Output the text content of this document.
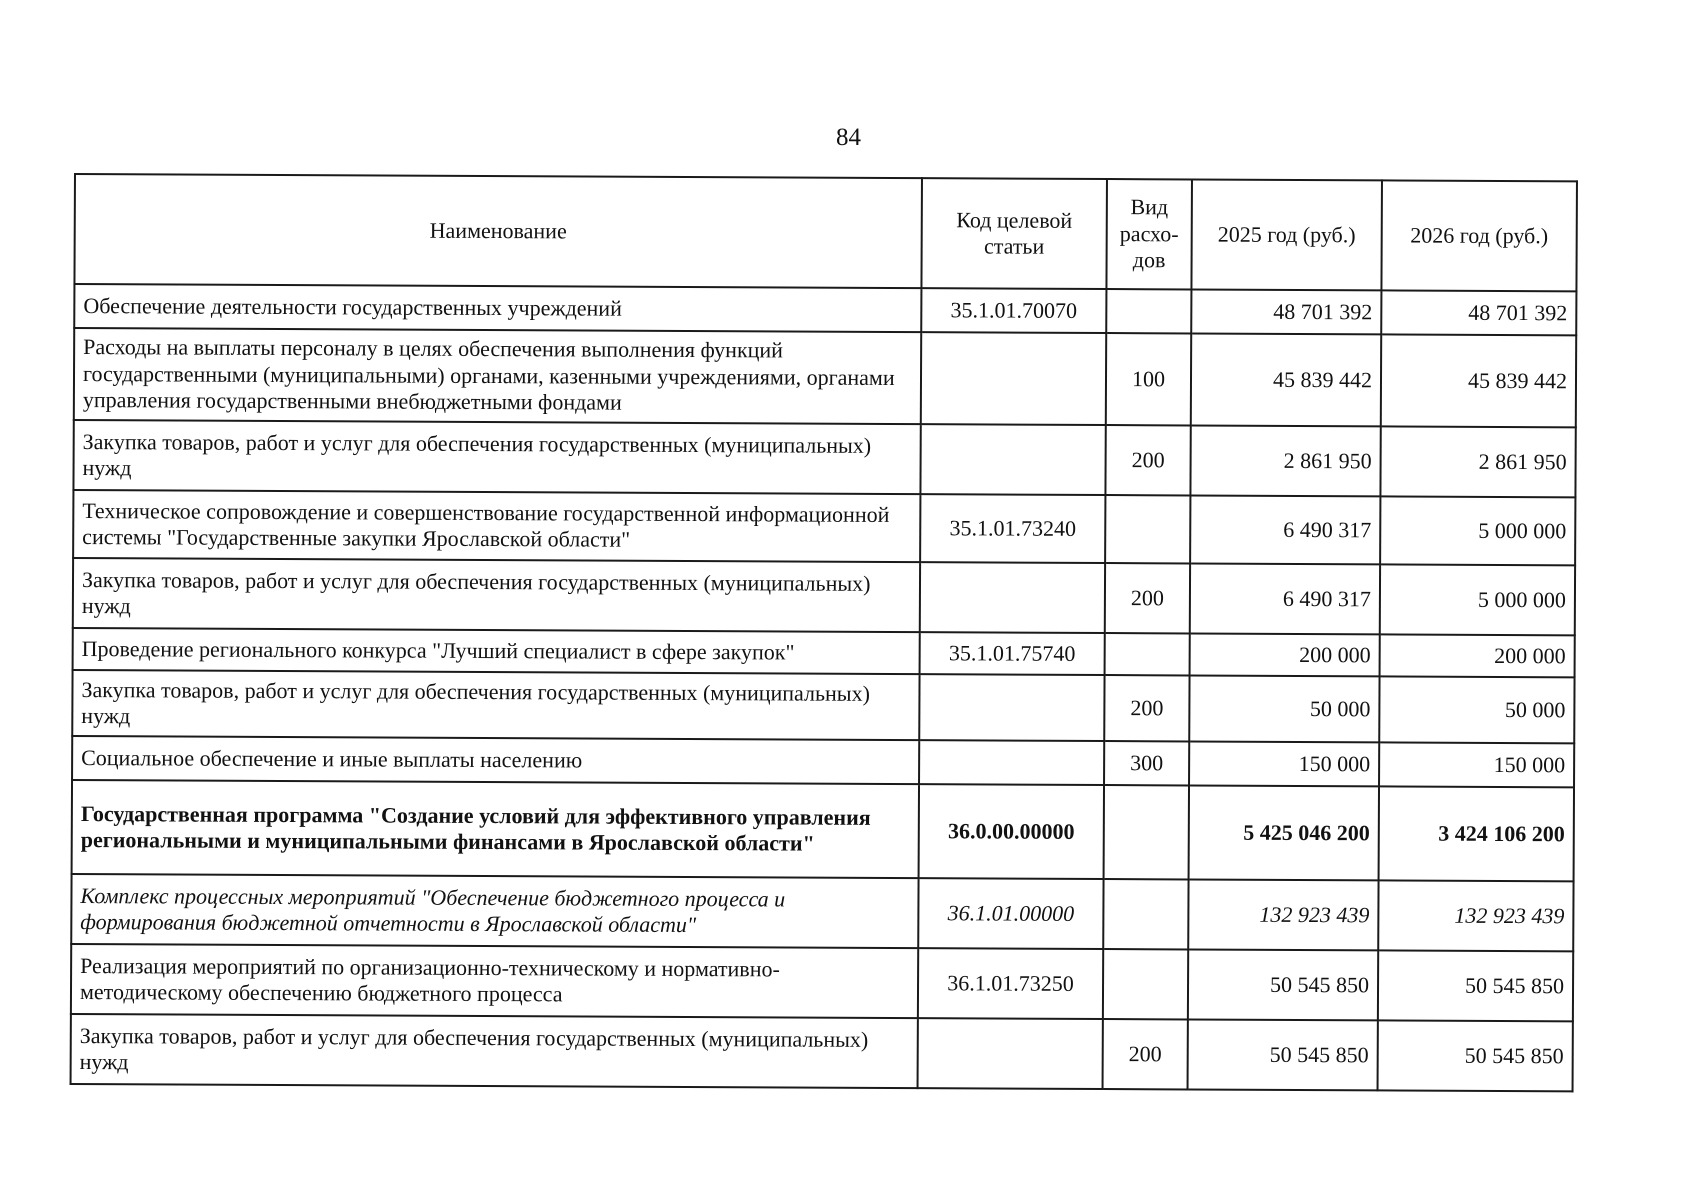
84
Наименование	Код целевой статьи	Вид расхо-дов	2025 год (руб.)	2026 год (руб.)
Обеспечение деятельности государственных учреждений	35.1.01.70070		48 701 392	48 701 392
Расходы на выплаты персоналу в целях обеспечения выполнения функций государственными (муниципальными) органами, казенными учреждениями, органами управления государственными внебюджетными фондами		100	45 839 442	45 839 442
Закупка товаров, работ и услуг для обеспечения государственных (муниципальных) нужд		200	2 861 950	2 861 950
Техническое сопровождение и совершенствование государственной информационной системы "Государственные закупки Ярославской области"	35.1.01.73240		6 490 317	5 000 000
Закупка товаров, работ и услуг для обеспечения государственных (муниципальных) нужд		200	6 490 317	5 000 000
Проведение регионального конкурса "Лучший специалист в сфере закупок"	35.1.01.75740		200 000	200 000
Закупка товаров, работ и услуг для обеспечения государственных (муниципальных) нужд		200	50 000	50 000
Социальное обеспечение и иные выплаты населению		300	150 000	150 000
Государственная программа "Создание условий для эффективного управления региональными и муниципальными финансами в Ярославской области"	36.0.00.00000		5 425 046 200	3 424 106 200
Комплекс процессных мероприятий "Обеспечение бюджетного процесса и формирования бюджетной отчетности в Ярославской области"	36.1.01.00000		132 923 439	132 923 439
Реализация мероприятий по организационно-техническому и нормативно-методическому обеспечению бюджетного процесса	36.1.01.73250		50 545 850	50 545 850
Закупка товаров, работ и услуг для обеспечения государственных (муниципальных) нужд		200	50 545 850	50 545 850
